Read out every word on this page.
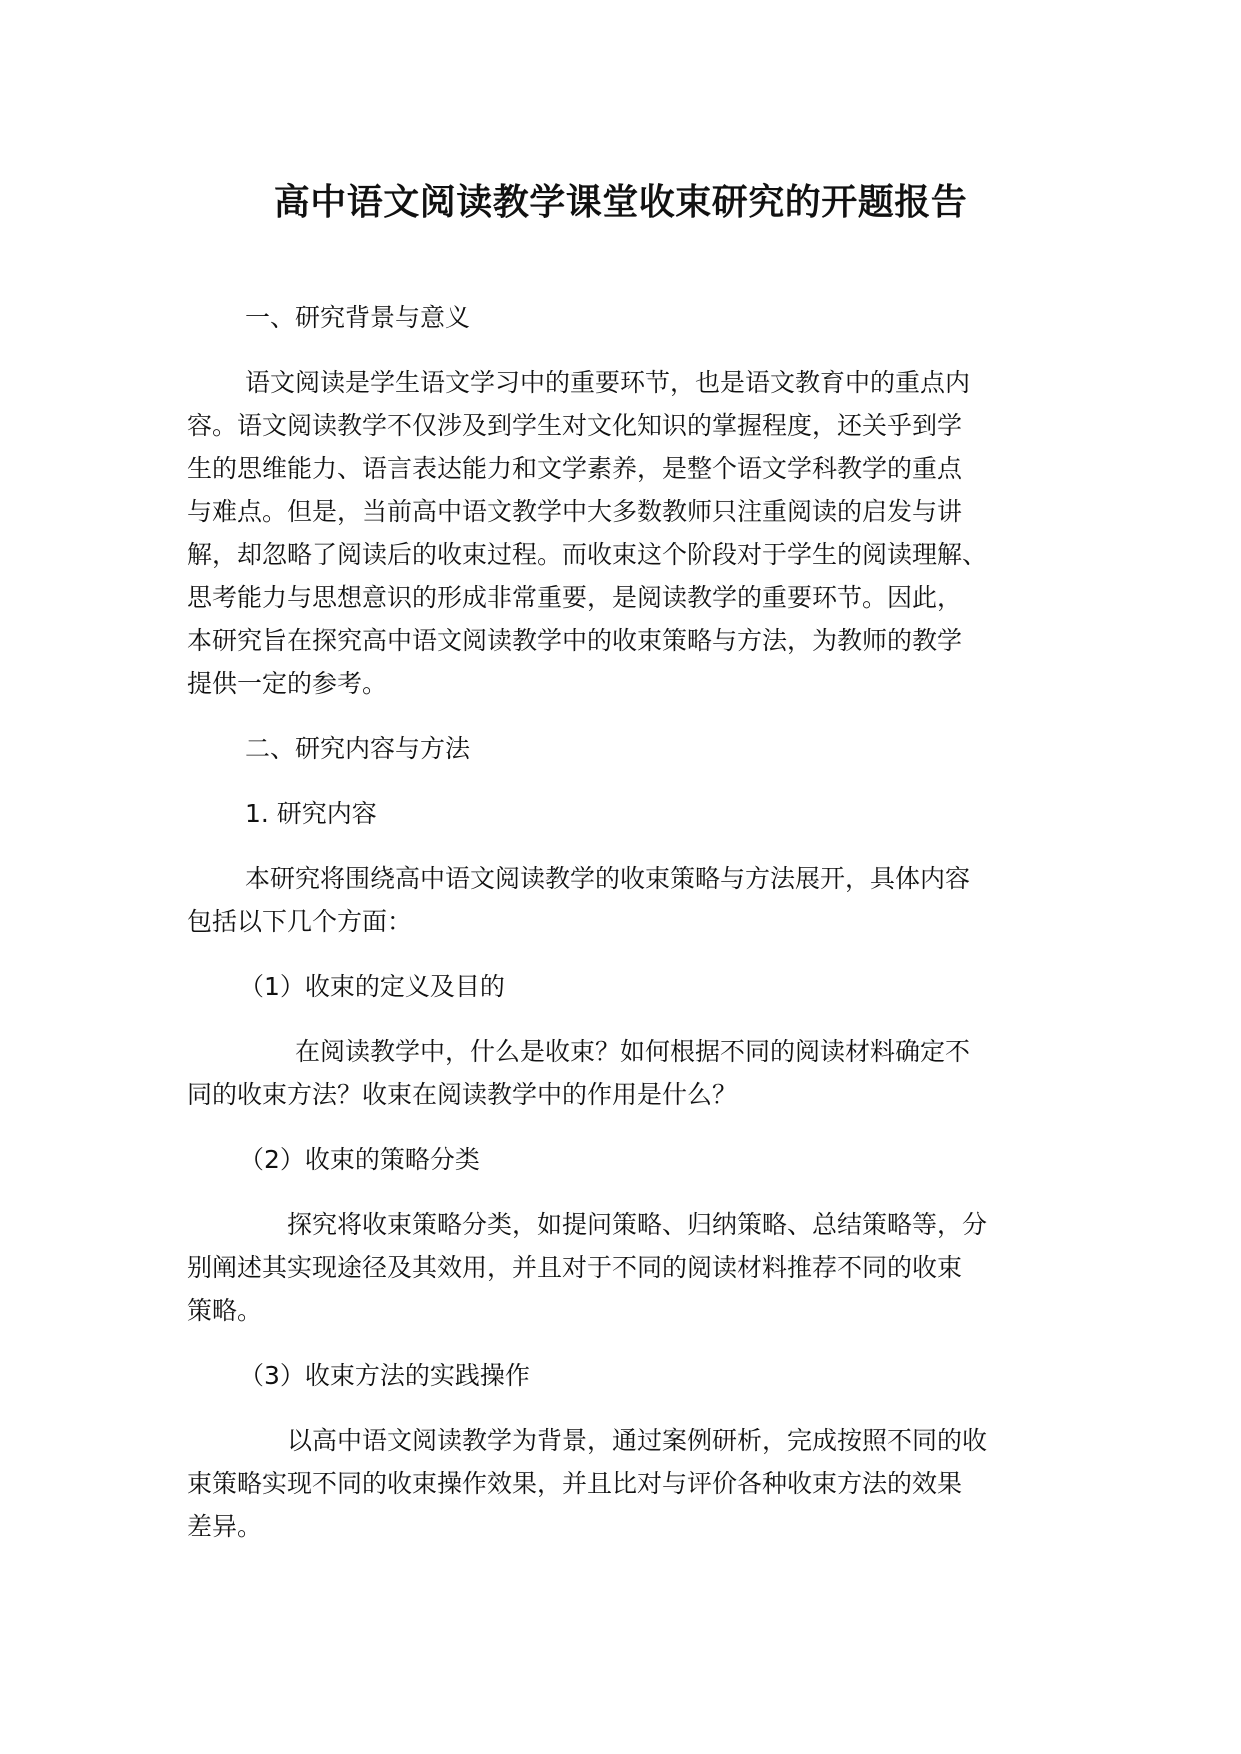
高中语文阅读教学课堂收束研究的开题报告
一、研究背景与意义
语文阅读是学生语文学习中的重要环节，也是语文教育中的重点内
容。语文阅读教学不仅涉及到学生对文化知识的掌握程度，还关乎到学
生的思维能力、语言表达能力和文学素养，是整个语文学科教学的重点
与难点。但是，当前高中语文教学中大多数教师只注重阅读的启发与讲
解，却忽略了阅读后的收束过程。而收束这个阶段对于学生的阅读理解、
思考能力与思想意识的形成非常重要，是阅读教学的重要环节。因此，
本研究旨在探究高中语文阅读教学中的收束策略与方法，为教师的教学
提供一定的参考。
二、研究内容与方法
1. 研究内容
本研究将围绕高中语文阅读教学的收束策略与方法展开，具体内容
包括以下几个方面：
（1）收束的定义及目的
在阅读教学中，什么是收束？如何根据不同的阅读材料确定不
同的收束方法？收束在阅读教学中的作用是什么？
（2）收束的策略分类
探究将收束策略分类，如提问策略、归纳策略、总结策略等，分
别阐述其实现途径及其效用，并且对于不同的阅读材料推荐不同的收束
策略。
（3）收束方法的实践操作
以高中语文阅读教学为背景，通过案例研析，完成按照不同的收
束策略实现不同的收束操作效果，并且比对与评价各种收束方法的效果
差异。
